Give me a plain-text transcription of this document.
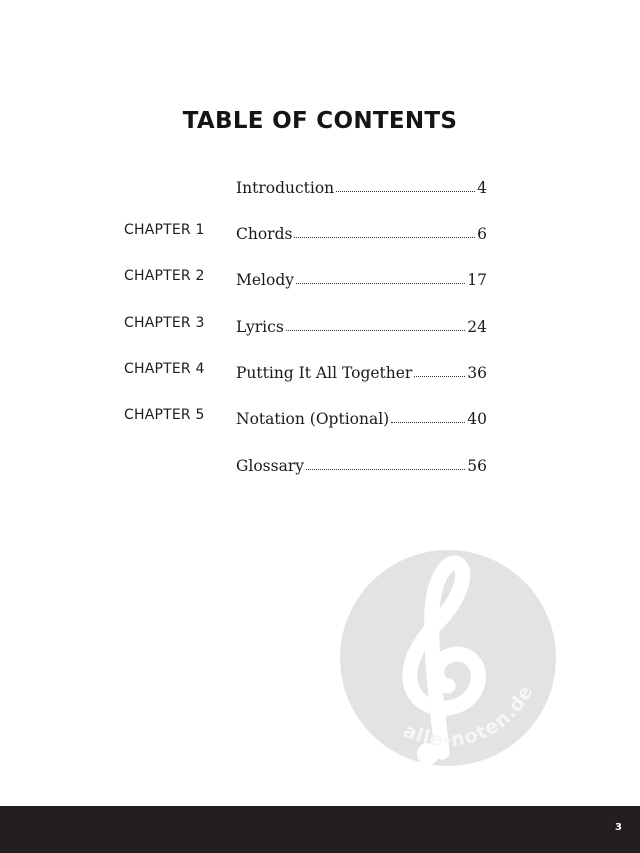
TABLE OF CONTENTS
Introduction	4
CHAPTER 1 Chords	6
CHAPTER 2 Melody	17
CHAPTER 3 Lyrics	24
CHAPTER 4 Putting It All Together	36
CHAPTER 5 Notation (Optional)	40
Glossary	56
alle-noten.de
3
